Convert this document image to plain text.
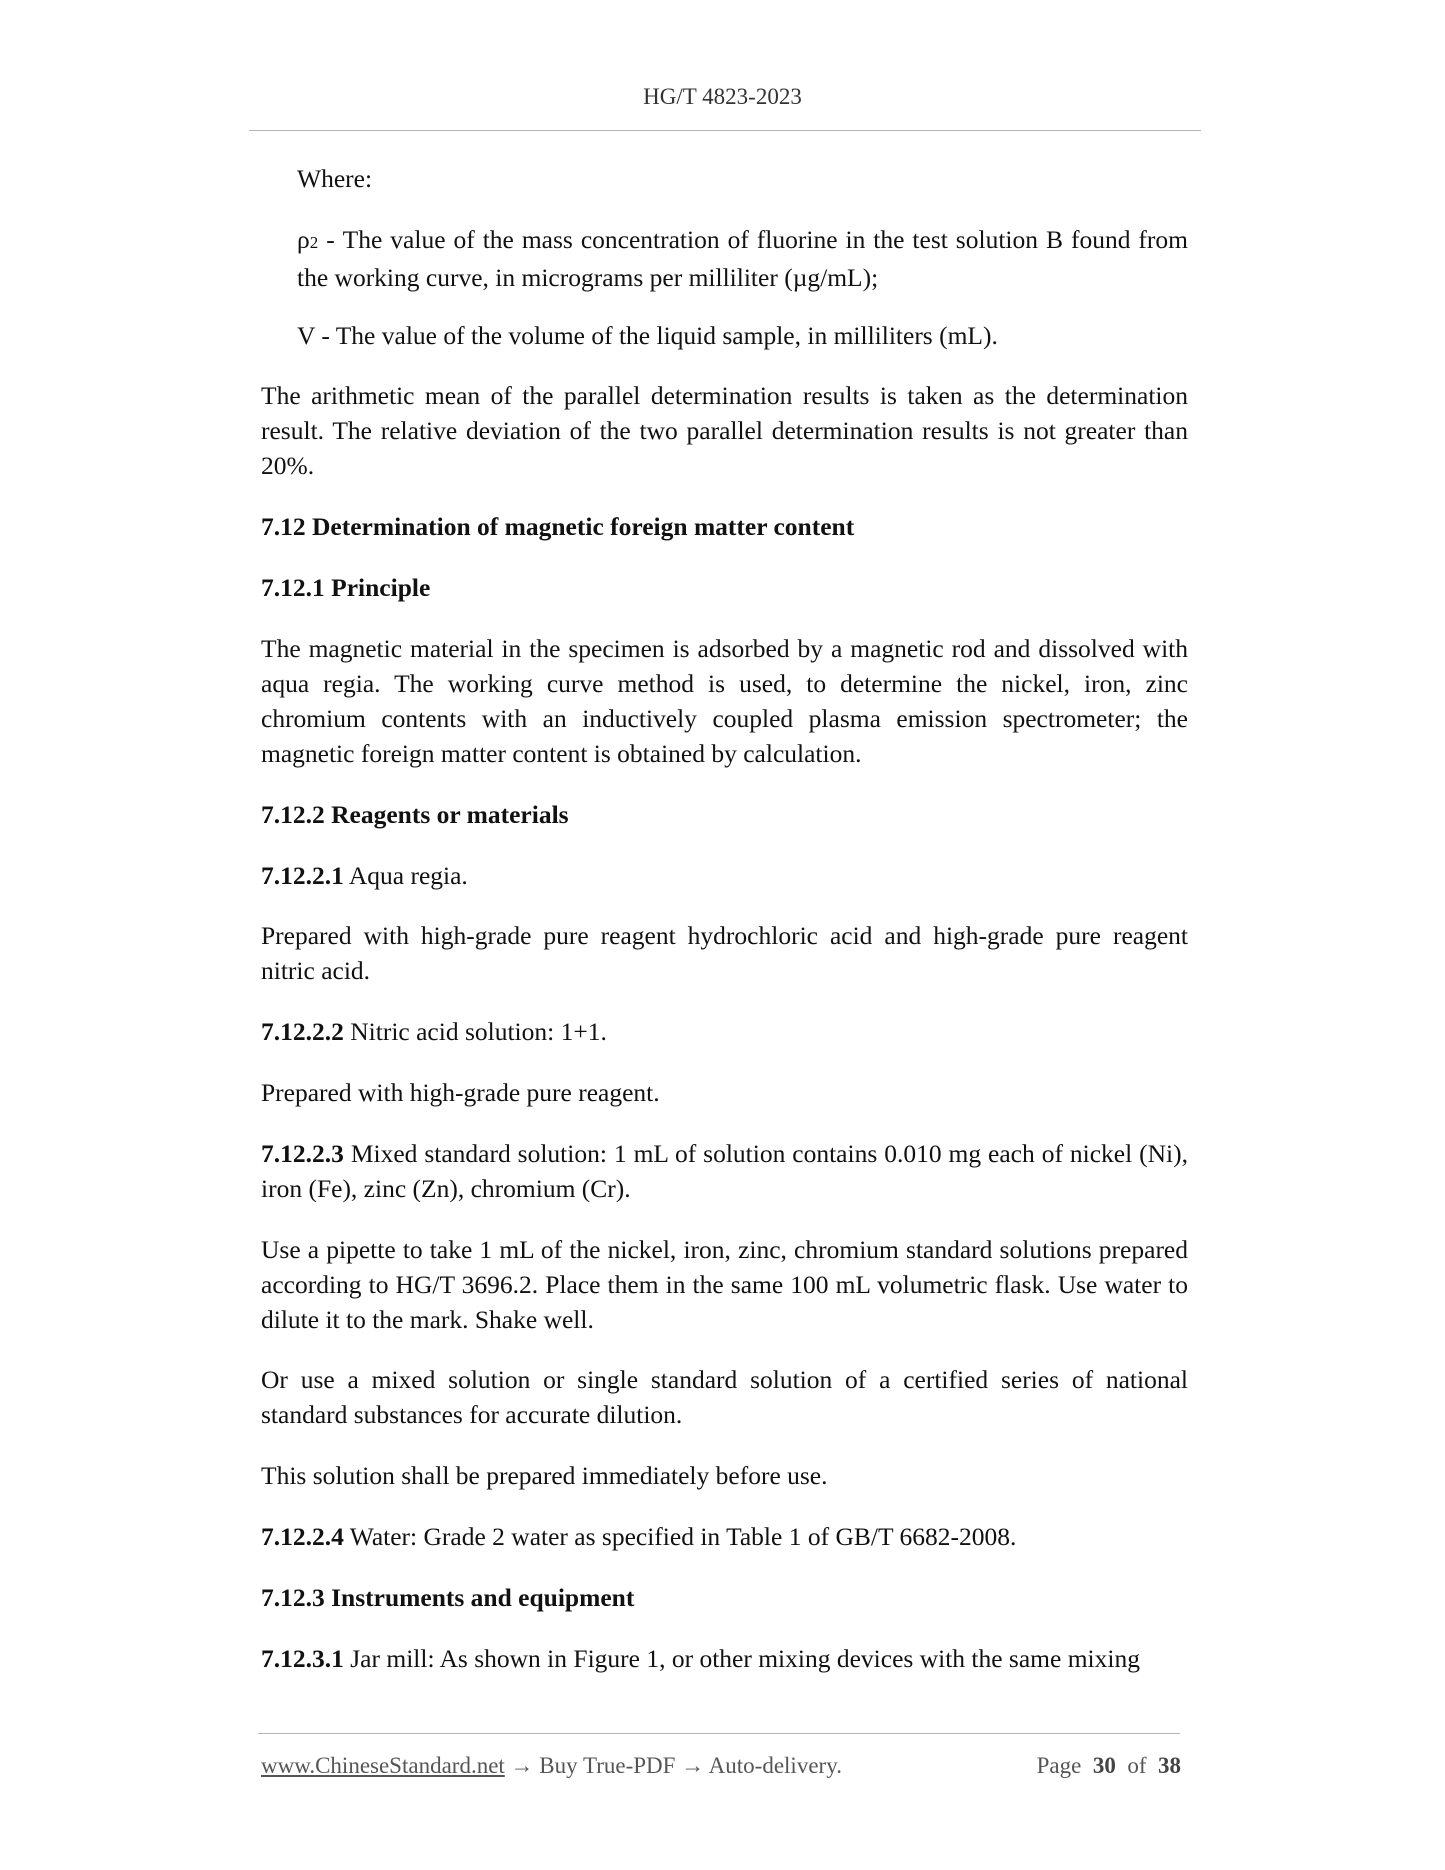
HG/T 4823-2023

Where:

ρ2 - The value of the mass concentration of fluorine in the test solution B found from the working curve, in micrograms per milliliter (µg/mL);

V - The value of the volume of the liquid sample, in milliliters (mL).

The arithmetic mean of the parallel determination results is taken as the determination result. The relative deviation of the two parallel determination results is not greater than 20%.

7.12 Determination of magnetic foreign matter content

7.12.1 Principle

The magnetic material in the specimen is adsorbed by a magnetic rod and dissolved with aqua regia. The working curve method is used, to determine the nickel, iron, zinc chromium contents with an inductively coupled plasma emission spectrometer; the magnetic foreign matter content is obtained by calculation.

7.12.2 Reagents or materials

7.12.2.1 Aqua regia.

Prepared with high-grade pure reagent hydrochloric acid and high-grade pure reagent nitric acid.

7.12.2.2 Nitric acid solution: 1+1.

Prepared with high-grade pure reagent.

7.12.2.3 Mixed standard solution: 1 mL of solution contains 0.010 mg each of nickel (Ni), iron (Fe), zinc (Zn), chromium (Cr).

Use a pipette to take 1 mL of the nickel, iron, zinc, chromium standard solutions prepared according to HG/T 3696.2. Place them in the same 100 mL volumetric flask. Use water to dilute it to the mark. Shake well.

Or use a mixed solution or single standard solution of a certified series of national standard substances for accurate dilution.

This solution shall be prepared immediately before use.

7.12.2.4 Water: Grade 2 water as specified in Table 1 of GB/T 6682-2008.

7.12.3 Instruments and equipment

7.12.3.1 Jar mill: As shown in Figure 1, or other mixing devices with the same mixing

www.ChineseStandard.net → Buy True-PDF → Auto-delivery.	Page 30 of 38
